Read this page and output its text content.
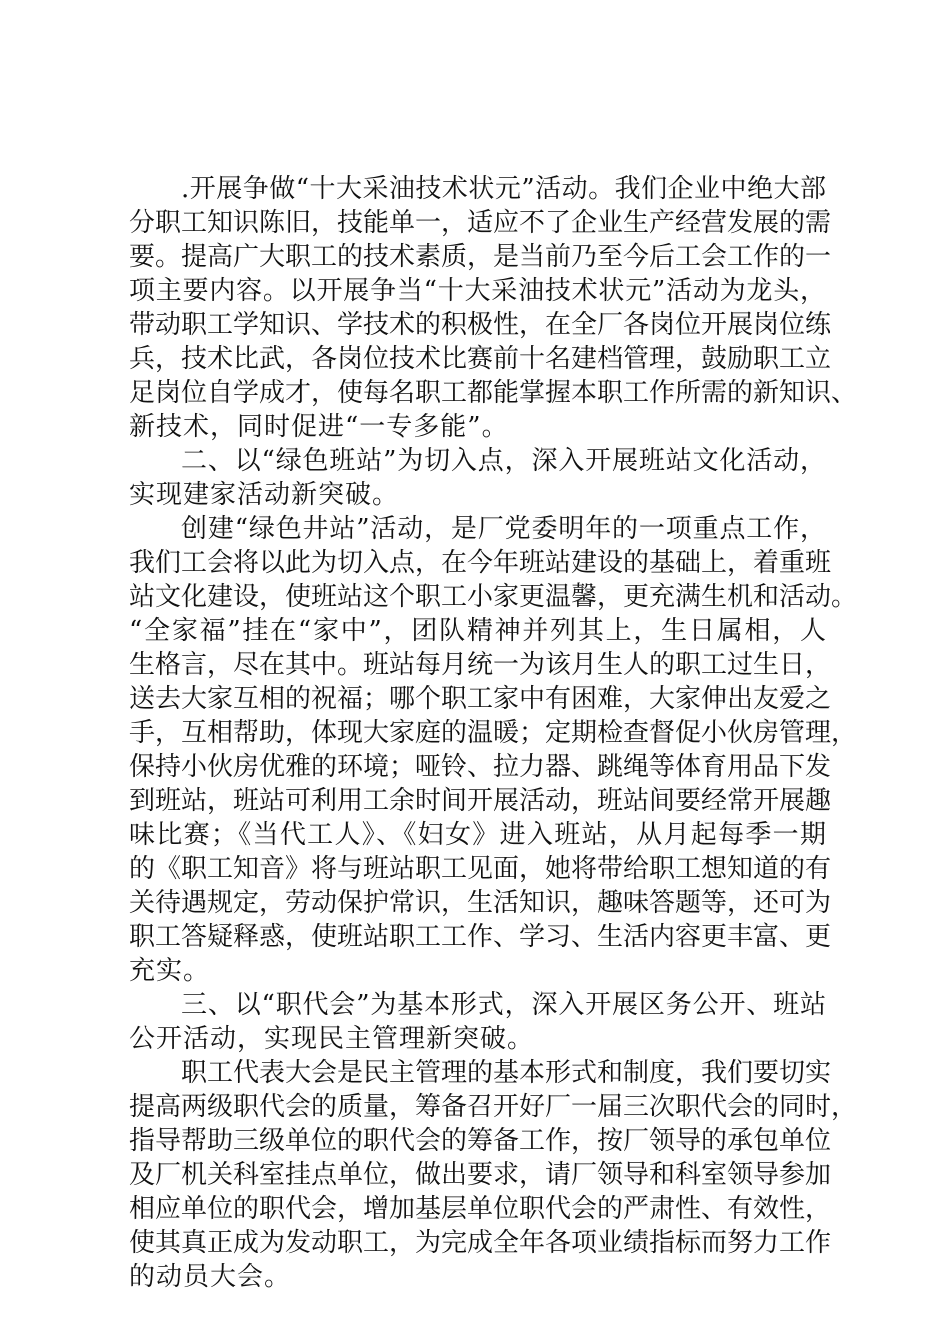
.开展争做“十大采油技术状元”活动。我们企业中绝大部
分职工知识陈旧，技能单一，适应不了企业生产经营发展的需
要。提高广大职工的技术素质，是当前乃至今后工会工作的一
项主要内容。以开展争当“十大采油技术状元”活动为龙头，
带动职工学知识、学技术的积极性，在全厂各岗位开展岗位练
兵，技术比武，各岗位技术比赛前十名建档管理，鼓励职工立
足岗位自学成才，使每名职工都能掌握本职工作所需的新知识、
新技术，同时促进“一专多能”。
二、以“绿色班站”为切入点，深入开展班站文化活动，
实现建家活动新突破。
创建“绿色井站”活动，是厂党委明年的一项重点工作，
我们工会将以此为切入点，在今年班站建设的基础上，着重班
站文化建设，使班站这个职工小家更温馨，更充满生机和活动。
“全家福”挂在“家中”，团队精神并列其上，生日属相，人
生格言，尽在其中。班站每月统一为该月生人的职工过生日，
送去大家互相的祝福；哪个职工家中有困难，大家伸出友爱之
手，互相帮助，体现大家庭的温暖；定期检查督促小伙房管理，
保持小伙房优雅的环境；哑铃、拉力器、跳绳等体育用品下发
到班站，班站可利用工余时间开展活动，班站间要经常开展趣
味比赛；《当代工人》、《妇女》进入班站，从月起每季一期
的《职工知音》将与班站职工见面，她将带给职工想知道的有
关待遇规定，劳动保护常识，生活知识，趣味答题等，还可为
职工答疑释惑，使班站职工工作、学习、生活内容更丰富、更
充实。
三、以“职代会”为基本形式，深入开展区务公开、班站
公开活动，实现民主管理新突破。
职工代表大会是民主管理的基本形式和制度，我们要切实
提高两级职代会的质量，筹备召开好厂一届三次职代会的同时，
指导帮助三级单位的职代会的筹备工作，按厂领导的承包单位
及厂机关科室挂点单位，做出要求，请厂领导和科室领导参加
相应单位的职代会，增加基层单位职代会的严肃性、有效性，
使其真正成为发动职工，为完成全年各项业绩指标而努力工作
的动员大会。
